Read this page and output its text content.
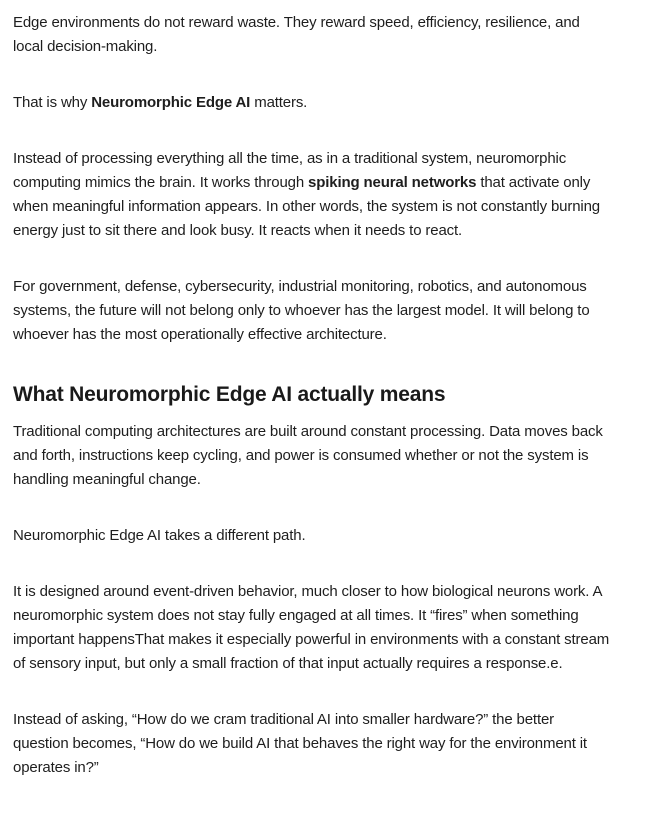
Edge environments do not reward waste. They reward speed, efficiency, resilience, and local decision-making.

That is why Neuromorphic Edge AI matters.

Instead of processing everything all the time, as in a traditional system, neuromorphic computing mimics the brain. It works through spiking neural networks that activate only when meaningful information appears. In other words, the system is not constantly burning energy just to sit there and look busy. It reacts when it needs to react.

For government, defense, cybersecurity, industrial monitoring, robotics, and autonomous systems, the future will not belong only to whoever has the largest model. It will belong to whoever has the most operationally effective architecture.

What Neuromorphic Edge AI actually means

Traditional computing architectures are built around constant processing. Data moves back and forth, instructions keep cycling, and power is consumed whether or not the system is handling meaningful change.

Neuromorphic Edge AI takes a different path.

It is designed around event-driven behavior, much closer to how biological neurons work. A neuromorphic system does not stay fully engaged at all times. It “fires” when something important happensThat makes it especially powerful in environments with a constant stream of sensory input, but only a small fraction of that input actually requires a response.e.

Instead of asking, “How do we cram traditional AI into smaller hardware?” the better question becomes, “How do we build AI that behaves the right way for the environment it operates in?”
